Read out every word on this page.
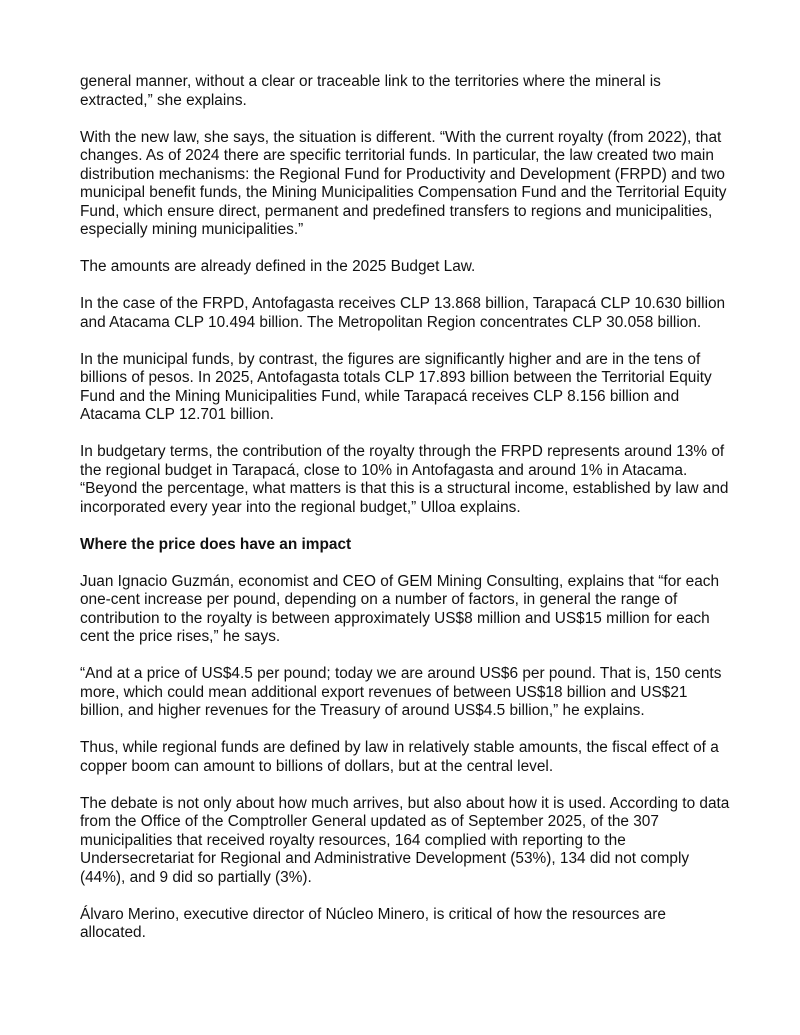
general manner, without a clear or traceable link to the territories where the mineral is extracted,” she explains.

With the new law, she says, the situation is different. “With the current royalty (from 2022), that changes. As of 2024 there are specific territorial funds. In particular, the law created two main distribution mechanisms: the Regional Fund for Productivity and Development (FRPD) and two municipal benefit funds, the Mining Municipalities Compensation Fund and the Territorial Equity Fund, which ensure direct, permanent and predefined transfers to regions and municipalities, especially mining municipalities.”

The amounts are already defined in the 2025 Budget Law.

In the case of the FRPD, Antofagasta receives CLP 13.868 billion, Tarapacá CLP 10.630 billion and Atacama CLP 10.494 billion. The Metropolitan Region concentrates CLP 30.058 billion.

In the municipal funds, by contrast, the figures are significantly higher and are in the tens of billions of pesos. In 2025, Antofagasta totals CLP 17.893 billion between the Territorial Equity Fund and the Mining Municipalities Fund, while Tarapacá receives CLP 8.156 billion and Atacama CLP 12.701 billion.

In budgetary terms, the contribution of the royalty through the FRPD represents around 13% of the regional budget in Tarapacá, close to 10% in Antofagasta and around 1% in Atacama. “Beyond the percentage, what matters is that this is a structural income, established by law and incorporated every year into the regional budget,” Ulloa explains.

Where the price does have an impact

Juan Ignacio Guzmán, economist and CEO of GEM Mining Consulting, explains that “for each one-cent increase per pound, depending on a number of factors, in general the range of contribution to the royalty is between approximately US$8 million and US$15 million for each cent the price rises,” he says.

“And at a price of US$4.5 per pound; today we are around US$6 per pound. That is, 150 cents more, which could mean additional export revenues of between US$18 billion and US$21 billion, and higher revenues for the Treasury of around US$4.5 billion,” he explains.

Thus, while regional funds are defined by law in relatively stable amounts, the fiscal effect of a copper boom can amount to billions of dollars, but at the central level.

The debate is not only about how much arrives, but also about how it is used. According to data from the Office of the Comptroller General updated as of September 2025, of the 307 municipalities that received royalty resources, 164 complied with reporting to the Undersecretariat for Regional and Administrative Development (53%), 134 did not comply (44%), and 9 did so partially (3%).

Álvaro Merino, executive director of Núcleo Minero, is critical of how the resources are allocated.
